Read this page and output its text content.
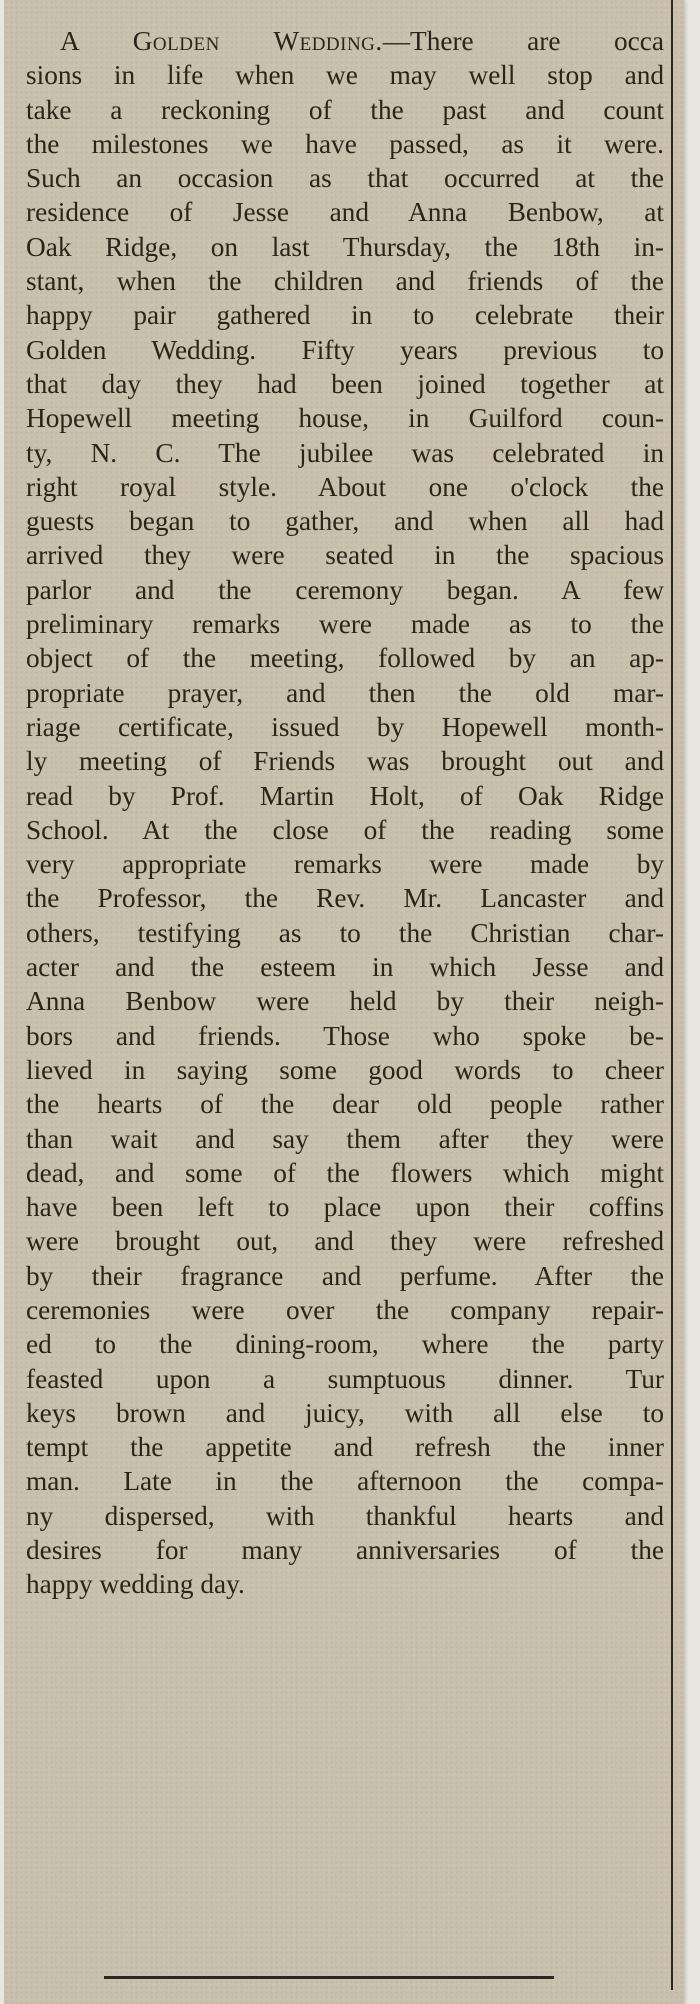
A Golden Wedding.—There are occa
sions in life when we may well stop and
take a reckoning of the past and count
the milestones we have passed, as it were.
Such an occasion as that occurred at the
residence of Jesse and Anna Benbow, at
Oak Ridge, on last Thursday, the 18th in-
stant, when the children and friends of the
happy pair gathered in to celebrate their
Golden Wedding. Fifty years previous to
that day they had been joined together at
Hopewell meeting house, in Guilford coun-
ty, N. C. The jubilee was celebrated in
right royal style. About one o'clock the
guests began to gather, and when all had
arrived they were seated in the spacious
parlor and the ceremony began. A few
preliminary remarks were made as to the
object of the meeting, followed by an ap-
propriate prayer, and then the old mar-
riage certificate, issued by Hopewell month-
ly meeting of Friends was brought out and
read by Prof. Martin Holt, of Oak Ridge
School. At the close of the reading some
very appropriate remarks were made by
the Professor, the Rev. Mr. Lancaster and
others, testifying as to the Christian char-
acter and the esteem in which Jesse and
Anna Benbow were held by their neigh-
bors and friends. Those who spoke be-
lieved in saying some good words to cheer
the hearts of the dear old people rather
than wait and say them after they were
dead, and some of the flowers which might
have been left to place upon their coffins
were brought out, and they were refreshed
by their fragrance and perfume. After the
ceremonies were over the company repair-
ed to the dining-room, where the party
feasted upon a sumptuous dinner. Tur
keys brown and juicy, with all else to
tempt the appetite and refresh the inner
man. Late in the afternoon the compa-
ny dispersed, with thankful hearts and
desires for many anniversaries of the
happy wedding day.
